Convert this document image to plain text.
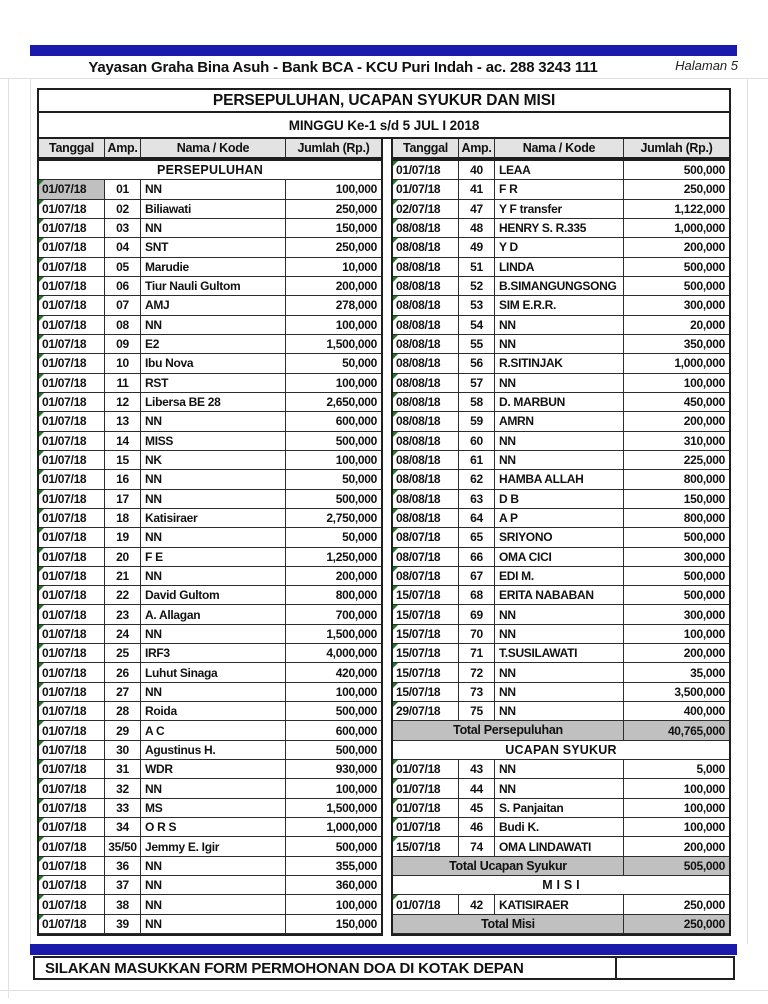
Yayasan Graha Bina Asuh - Bank BCA - KCU Puri Indah - ac. 288 3243 111	Halaman 5
PERSEPULUHAN, UCAPAN SYUKUR DAN MISI
MINGGU Ke-1 s/d 5 JUL I 2018
Tanggal	Amp.	Nama / Kode	Jumlah (Rp.)	Tanggal	Amp.	Nama / Kode	Jumlah (Rp.)
PERSEPULUHAN
01/07/18	01	NN	100,000
01/07/18	02	Biliawati	250,000
01/07/18	03	NN	150,000
01/07/18	04	SNT	250,000
01/07/18	05	Marudie	10,000
01/07/18	06	Tiur Nauli Gultom	200,000
01/07/18	07	AMJ	278,000
01/07/18	08	NN	100,000
01/07/18	09	E2	1,500,000
01/07/18	10	Ibu Nova	50,000
01/07/18	11	RST	100,000
01/07/18	12	Libersa BE 28	2,650,000
01/07/18	13	NN	600,000
01/07/18	14	MISS	500,000
01/07/18	15	NK	100,000
01/07/18	16	NN	50,000
01/07/18	17	NN	500,000
01/07/18	18	Katisiraer	2,750,000
01/07/18	19	NN	50,000
01/07/18	20	F E	1,250,000
01/07/18	21	NN	200,000
01/07/18	22	David Gultom	800,000
01/07/18	23	A. Allagan	700,000
01/07/18	24	NN	1,500,000
01/07/18	25	IRF3	4,000,000
01/07/18	26	Luhut Sinaga	420,000
01/07/18	27	NN	100,000
01/07/18	28	Roida	500,000
01/07/18	29	A C	600,000
01/07/18	30	Agustinus H.	500,000
01/07/18	31	WDR	930,000
01/07/18	32	NN	100,000
01/07/18	33	MS	1,500,000
01/07/18	34	O R S	1,000,000
01/07/18	35/50 Jemmy E. Igir	500,000
01/07/18	36	NN	355,000
01/07/18	37	NN	360,000
01/07/18	38	NN	100,000
01/07/18	39	NN	150,000
01/07/18	40	LEAA	500,000
01/07/18	41	F R	250,000
02/07/18	47	Y F transfer	1,122,000
08/08/18	48	HENRY S. R.335	1,000,000
08/08/18	49	Y D	200,000
08/08/18	51	LINDA	500,000
08/08/18	52	B.SIMANGUNGSONG	500,000
08/08/18	53	SIM E.R.R.	300,000
08/08/18	54	NN	20,000
08/08/18	55	NN	350,000
08/08/18	56	R.SITINJAK	1,000,000
08/08/18	57	NN	100,000
08/08/18	58	D. MARBUN	450,000
08/08/18	59	AMRN	200,000
08/08/18	60	NN	310,000
08/08/18	61	NN	225,000
08/08/18	62	HAMBA ALLAH	800,000
08/08/18	63	D B	150,000
08/08/18	64	A P	800,000
08/07/18	65	SRIYONO	500,000
08/07/18	66	OMA CICI	300,000
08/07/18	67	EDI M.	500,000
15/07/18	68	ERITA NABABAN	500,000
15/07/18	69	NN	300,000
15/07/18	70	NN	100,000
15/07/18	71	T.SUSILAWATI	200,000
15/07/18	72	NN	35,000
15/07/18	73	NN	3,500,000
29/07/18	75	NN	400,000
Total Persepuluhan	40,765,000
UCAPAN SYUKUR
01/07/18	43	NN	5,000
01/07/18	44	NN	100,000
01/07/18	45	S. Panjaitan	100,000
01/07/18	46	Budi K.	100,000
15/07/18	74	OMA LINDAWATI	200,000
Total Ucapan Syukur	505,000
M I S I
01/07/18	42	KATISIRAER	250,000
Total Misi	250,000
SILAKAN MASUKKAN FORM PERMOHONAN DOA DI KOTAK DEPAN
